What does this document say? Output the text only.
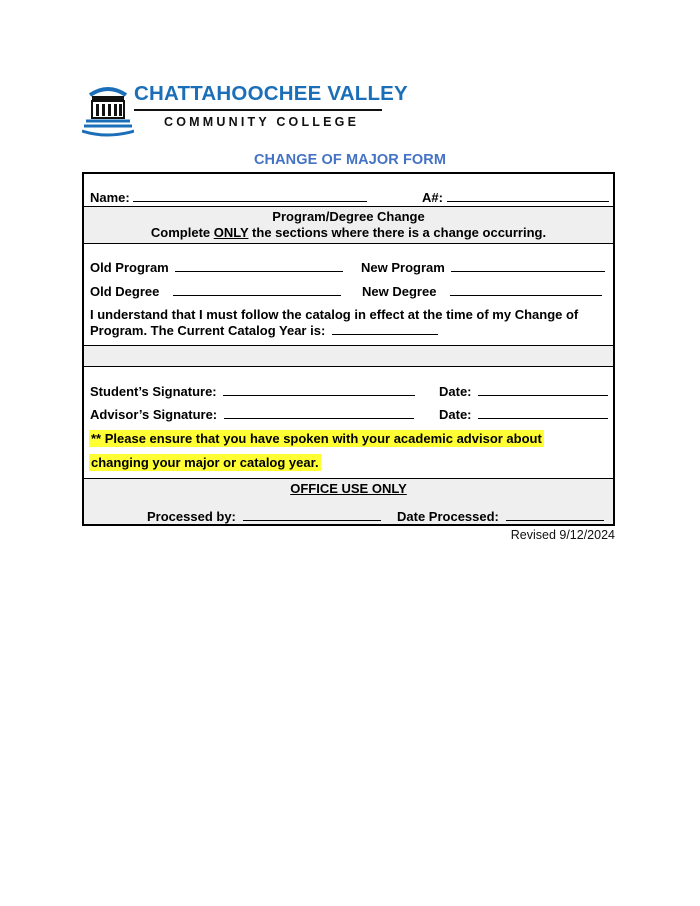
CHATTAHOOCHEE VALLEY
COMMUNITY COLLEGE
CHANGE OF MAJOR FORM
Name:	A#:
Program/Degree Change
Complete ONLY the sections where there is a change occurring.
Old Program	New Program
Old Degree	New Degree
I understand that I must follow the catalog in effect at the time of my Change of
Program. The Current Catalog Year is:
Student’s Signature:	Date:
Advisor’s Signature:	Date:
** Please ensure that you have spoken with your academic advisor about
changing your major or catalog year.
OFFICE USE ONLY
Processed by:	Date Processed:
Revised 9/12/2024
